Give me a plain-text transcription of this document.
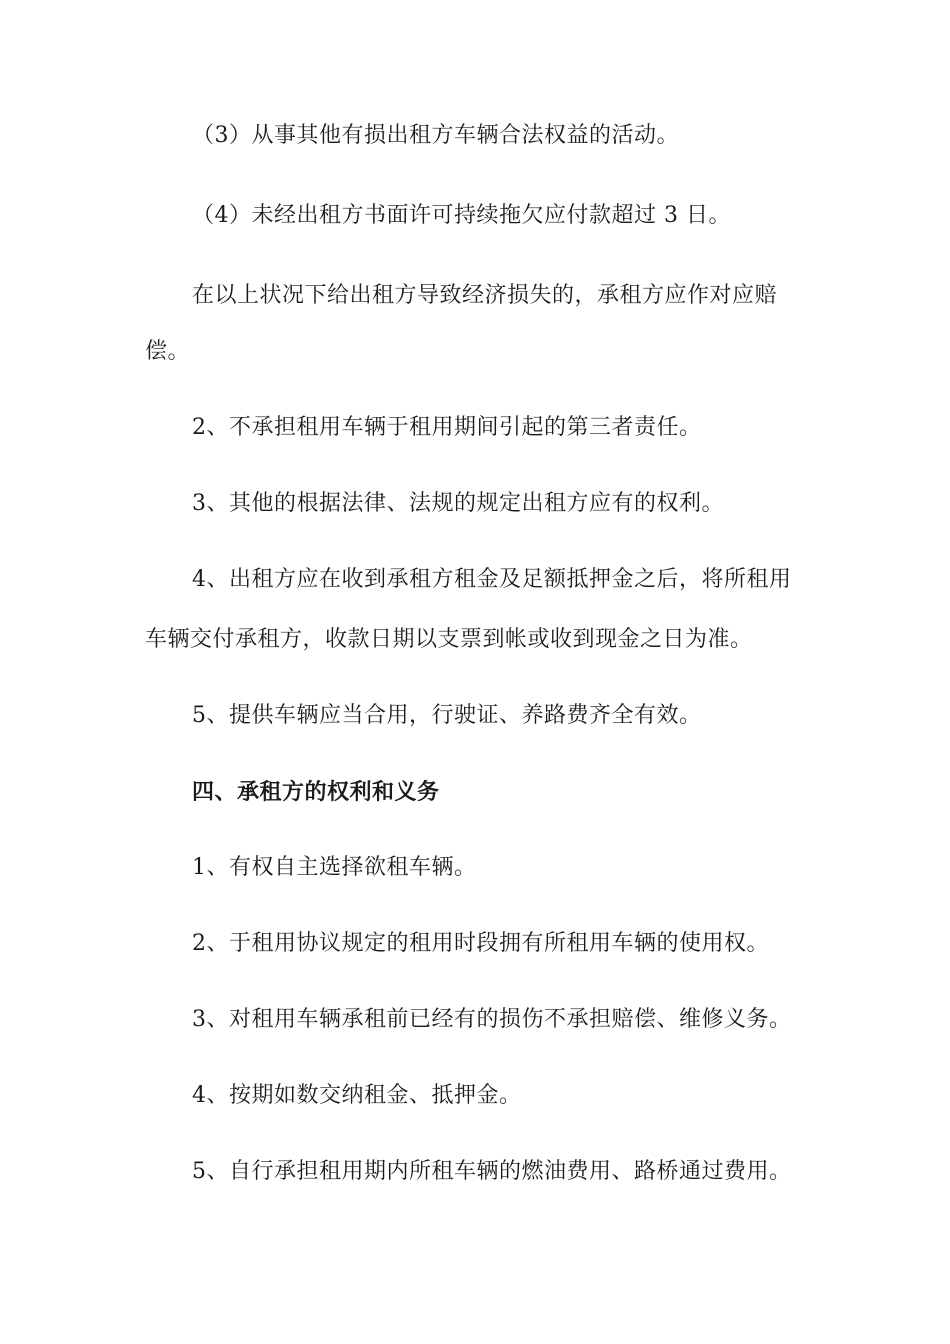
（3）从事其他有损出租方车辆合法权益的活动。
（4）未经出租方书面许可持续拖欠应付款超过 3 日。
在以上状况下给出租方导致经济损失的，承租方应作对应赔
偿。
2、不承担租用车辆于租用期间引起的第三者责任。
3、其他的根据法律、法规的规定出租方应有的权利。
4、出租方应在收到承租方租金及足额抵押金之后，将所租用
车辆交付承租方，收款日期以支票到帐或收到现金之日为准。
5、提供车辆应当合用，行驶证、养路费齐全有效。
四、承租方的权利和义务
1、有权自主选择欲租车辆。
2、于租用协议规定的租用时段拥有所租用车辆的使用权。
3、对租用车辆承租前已经有的损伤不承担赔偿、维修义务。
4、按期如数交纳租金、抵押金。
5、自行承担租用期内所租车辆的燃油费用、路桥通过费用。
